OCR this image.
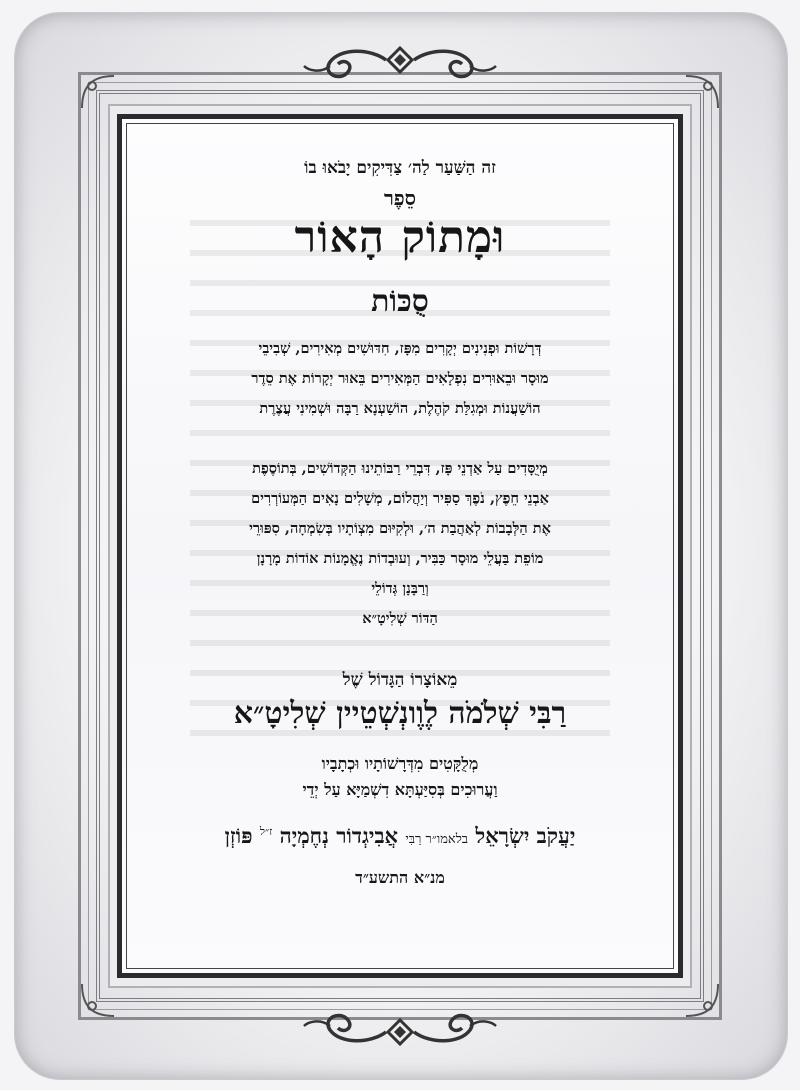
זה הַשַּׁעַר לַה׳ צַדִּיקִים יָבֹאוּ בוֹ
סֵפֶר
וּמָתוֹק הָאוֹר
סֻכּוֹת
דְּרָשׁוֹת וּפְנִינִים יְקָרִים מִפָּז, חִדּוּשִׁים מְאִירִים, שְׁבִיבֵי
מוּסָר וּבֵאוּרִים נִפְלָאִים הַמְּאִירִים בֵּאוּר יְקָרוֹת אֶת סֵדֶר
הוֹשַׁעֲנוֹת וּמְגִלַּת קֹהֶלֶת, הוֹשַׁעְנָא רַבָּה וּשְׁמִינִי עֲצֶרֶת
מְיֻסָּדִים עַל אַדְנֵי פָּז, דִּבְרֵי רַבּוֹתֵינוּ הַקְּדוֹשִׁים, בְּתוֹסֶפֶת
אַבְנֵי חֵפֶץ, נֹפֶךְ סַפִּיר וְיַהֲלוֹם, מְשָׁלִים נָאִים הַמְּעוֹרְרִים
אֶת הַלְּבָבוֹת לְאַהֲבַת ה׳, וּלְקִיּוּם מִצְוֹתָיו בְּשִׂמְחָה, סִפּוּרֵי
מוֹפֵת בַּעֲלֵי מוּסָר כַּבִּיר, וְעוּבְדוֹת נֶאֱמָנוֹת אוֹדוֹת מָרָנָן
וְרַבָּנָן גְּדוֹלֵי
הַדּוֹר שְׁלִיטָ״א
מֵאוֹצָרוֹ הַגָּדוֹל שֶׁל
רַבִּי שְׁלֹמֹה לֶוֶונְשְׁטֵיין שְׁלִיטָ״א
מְלֻקָּטִים מִדְּרָשׁוֹתָיו וּכְתָבָיו
וַעֲרוּכִים בְּסִיַּעְתָּא דִשְׁמַיָּא עַל יְדֵי
יַעֲקֹב יִשְׂרָאֵל בלאמו״ר רַבִּי אֲבִיגְדוֹר נְחֶמְיָה $^{ז״ל}$ פּוֹזְן
מנ״א התשע״ד
